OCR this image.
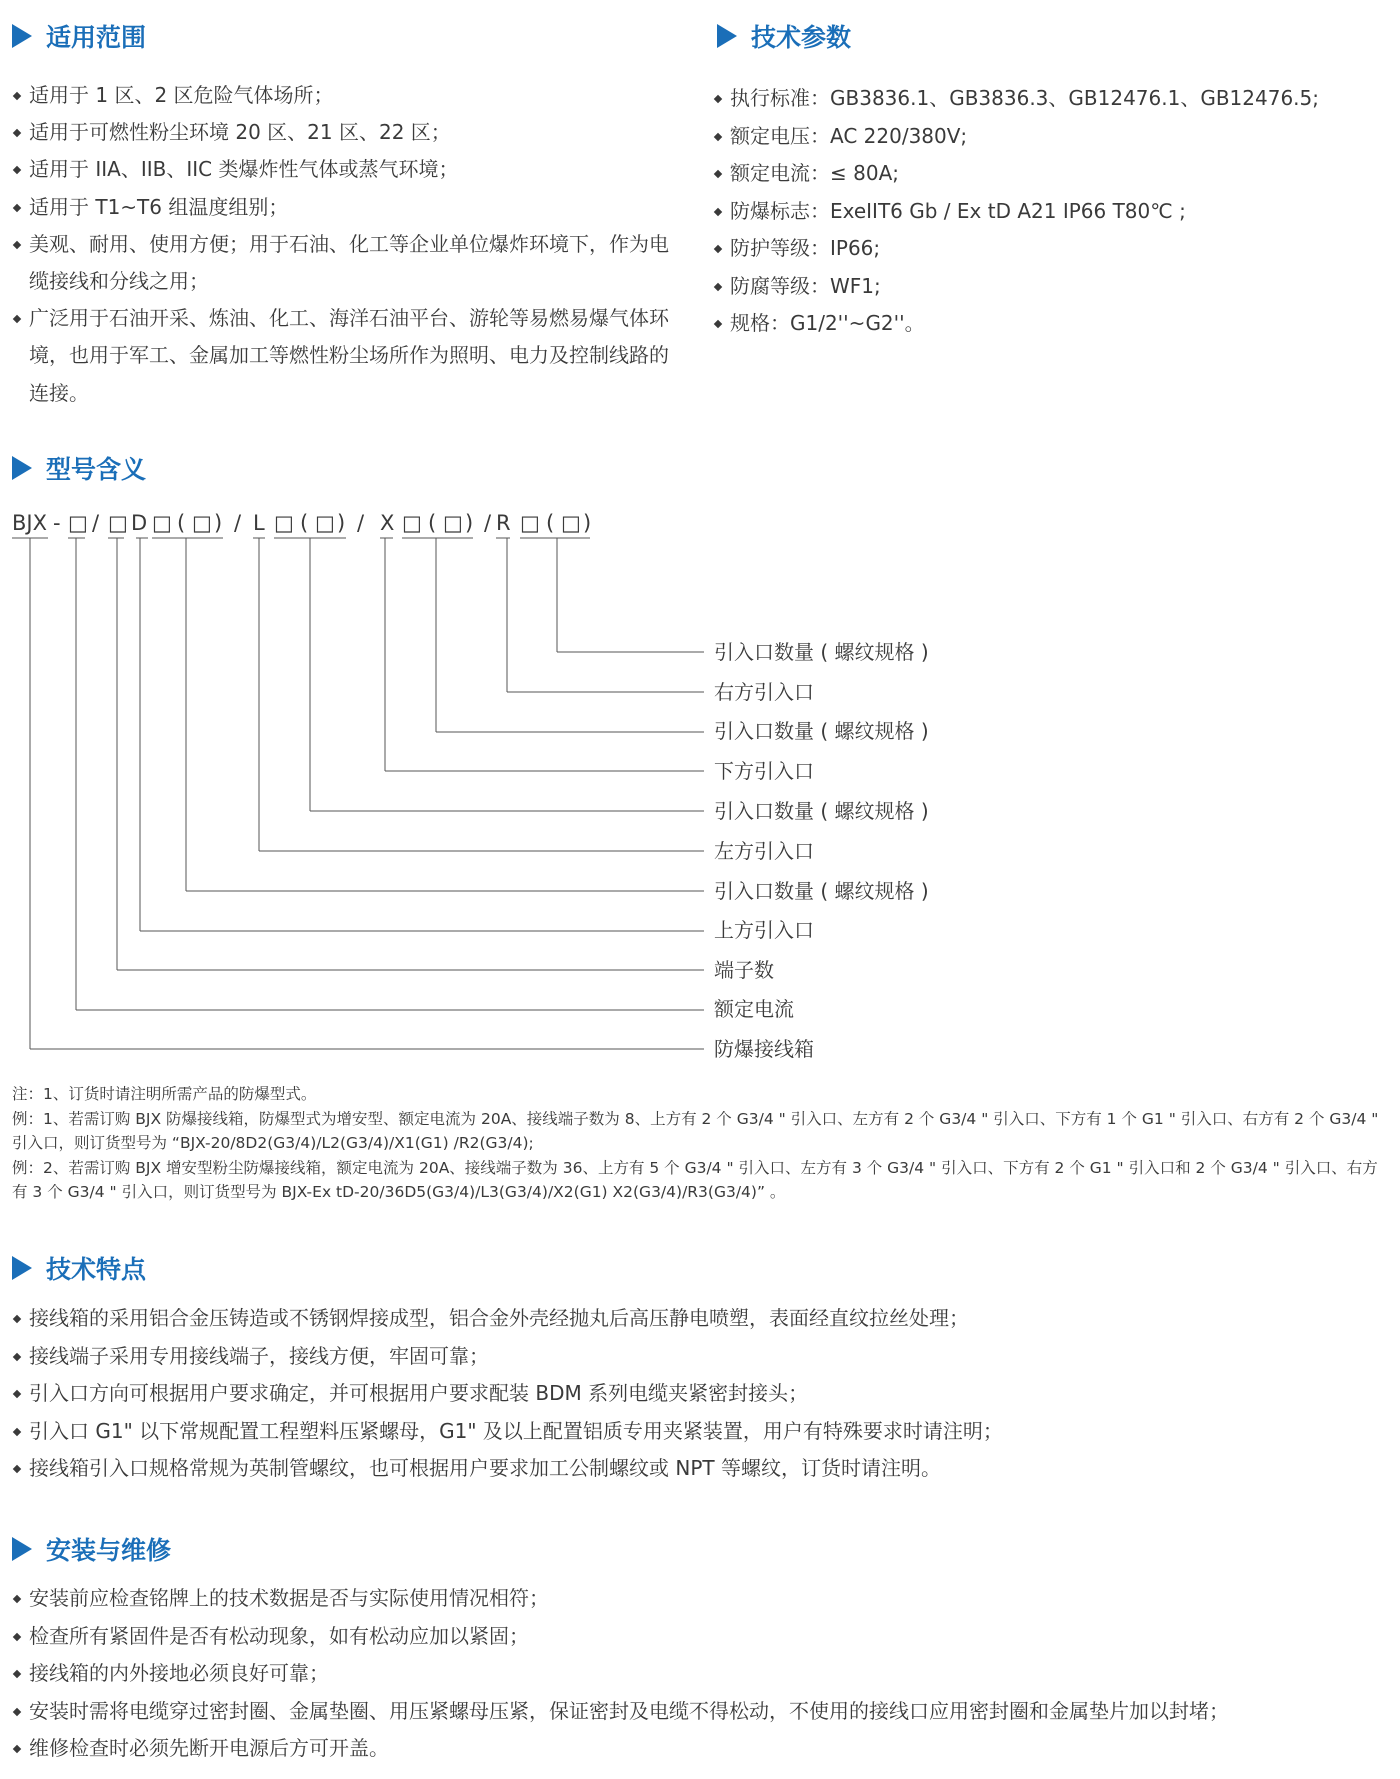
适用范围
适用于 1 区、2 区危险气体场所；
适用于可燃性粉尘环境 20 区、21 区、22 区；
适用于 IIA、IIB、IIC 类爆炸性气体或蒸气环境；
适用于 T1~T6 组温度组别；
美观、耐用、使用方便；用于石油、化工等企业单位爆炸环境下，作为电缆接线和分线之用；
广泛用于石油开采、炼油、化工、海洋石油平台、游轮等易燃易爆气体环境，也用于军工、金属加工等燃性粉尘场所作为照明、电力及控制线路的连接。
技术参数
执行标准：GB3836.1、GB3836.3、GB12476.1、GB12476.5;
额定电压：AC 220/380V;
额定电流：≤ 80A;
防爆标志：ExeIIT6 Gb / Ex tD A21 IP66 T80℃ ;
防护等级：IP66;
防腐等级：WF1;
规格：G1/2''~G2''。
型号含义
BJX - □ / □ D □ ( □ ) / L □ ( □ ) / X □ ( □ ) / R □ ( □ )
引入口数量 ( 螺纹规格 )
右方引入口
引入口数量 ( 螺纹规格 )
下方引入口
引入口数量 ( 螺纹规格 )
左方引入口
引入口数量 ( 螺纹规格 )
上方引入口
端子数
额定电流
防爆接线箱
注：1、订货时请注明所需产品的防爆型式。
例：1、若需订购 BJX 防爆接线箱，防爆型式为增安型、额定电流为 20A、接线端子数为 8、上方有 2 个 G3/4 " 引入口、左方有 2 个 G3/4 " 引入口、下方有 1 个 G1 " 引入口、右方有 2 个 G3/4 " 引入口，则订货型号为 “BJX-20/8D2(G3/4)/L2(G3/4)/X1(G1) /R2(G3/4);
例：2、若需订购 BJX 增安型粉尘防爆接线箱，额定电流为 20A、接线端子数为 36、上方有 5 个 G3/4 " 引入口、左方有 3 个 G3/4 " 引入口、下方有 2 个 G1 " 引入口和 2 个 G3/4 " 引入口、右方有 3 个 G3/4 " 引入口，则订货型号为 BJX-Ex tD-20/36D5(G3/4)/L3(G3/4)/X2(G1) X2(G3/4)/R3(G3/4)” 。
技术特点
接线箱的采用铝合金压铸造或不锈钢焊接成型，铝合金外壳经抛丸后高压静电喷塑，表面经直纹拉丝处理；
接线端子采用专用接线端子，接线方便，牢固可靠；
引入口方向可根据用户要求确定，并可根据用户要求配装 BDM 系列电缆夹紧密封接头；
引入口 G1" 以下常规配置工程塑料压紧螺母，G1" 及以上配置铝质专用夹紧装置，用户有特殊要求时请注明；
接线箱引入口规格常规为英制管螺纹，也可根据用户要求加工公制螺纹或 NPT 等螺纹，订货时请注明。
安装与维修
安装前应检查铭牌上的技术数据是否与实际使用情况相符；
检查所有紧固件是否有松动现象，如有松动应加以紧固；
接线箱的内外接地必须良好可靠；
安装时需将电缆穿过密封圈、金属垫圈、用压紧螺母压紧，保证密封及电缆不得松动，不使用的接线口应用密封圈和金属垫片加以封堵；
维修检查时必须先断开电源后方可开盖。
